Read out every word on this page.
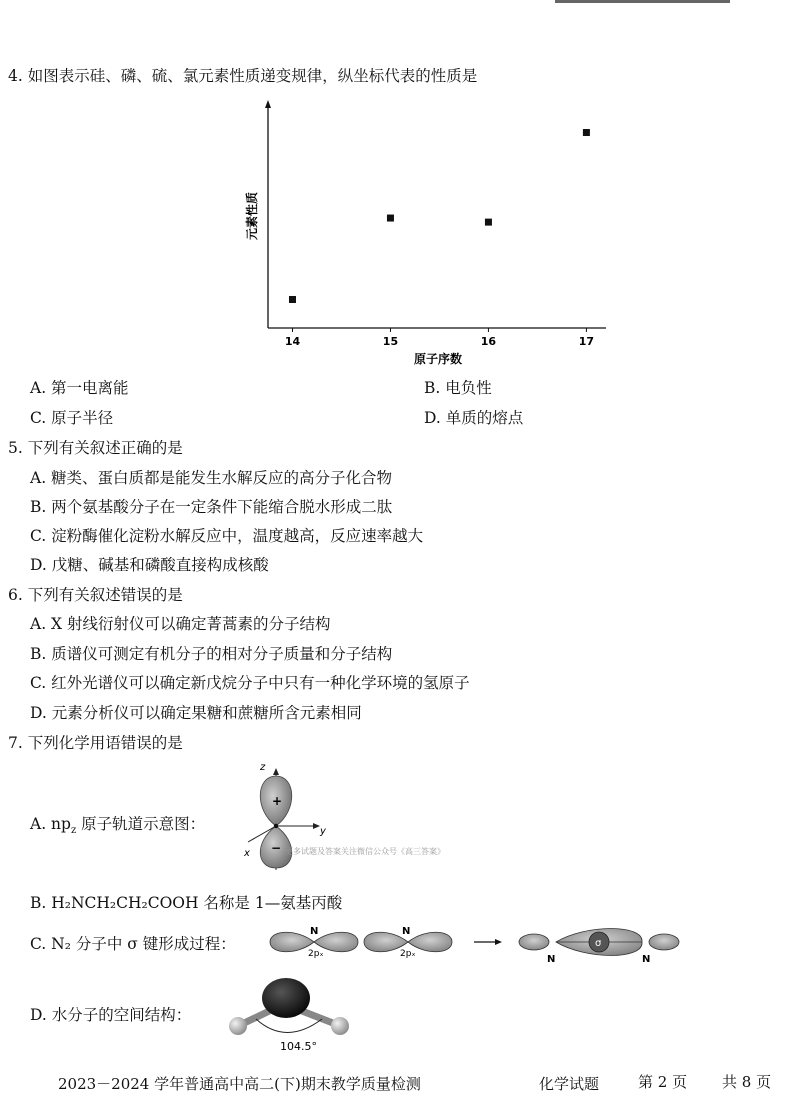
4. 如图表示硅、磷、硫、氯元素性质递变规律，纵坐标代表的性质是
14	15	16	17
元素性质
原子序数
A. 第一电离能	B. 电负性
C. 原子半径	D. 单质的熔点
5. 下列有关叙述正确的是
A. 糖类、蛋白质都是能发生水解反应的高分子化合物
B. 两个氨基酸分子在一定条件下能缩合脱水形成二肽
C. 淀粉酶催化淀粉水解反应中，温度越高，反应速率越大
D. 戊糖、碱基和磷酸直接构成核酸
6. 下列有关叙述错误的是
A. X 射线衍射仪可以确定菁蒿素的分子结构
B. 质谱仪可测定有机分子的相对分子质量和分子结构
C. 红外光谱仪可以确定新戊烷分子中只有一种化学环境的氢原子
D. 元素分析仪可以确定果糖和蔗糖所含元素相同
7. 下列化学用语错误的是
A. $np_z$ 原子轨道示意图：
z
y
x
+
− 更多试题及答案关注微信公众号《高三答案》
B. H₂NCH₂CH₂COOH 名称是 1—氨基丙酸
C. N₂ 分子中 σ 键形成过程：
N
2pₓ
N
2pₓ
σ
N	N
D. 水分子的空间结构：
104.5°
2023－2024 学年普通高中高二(下)期末教学质量检测	化学试题	第 2 页 共 8 页
